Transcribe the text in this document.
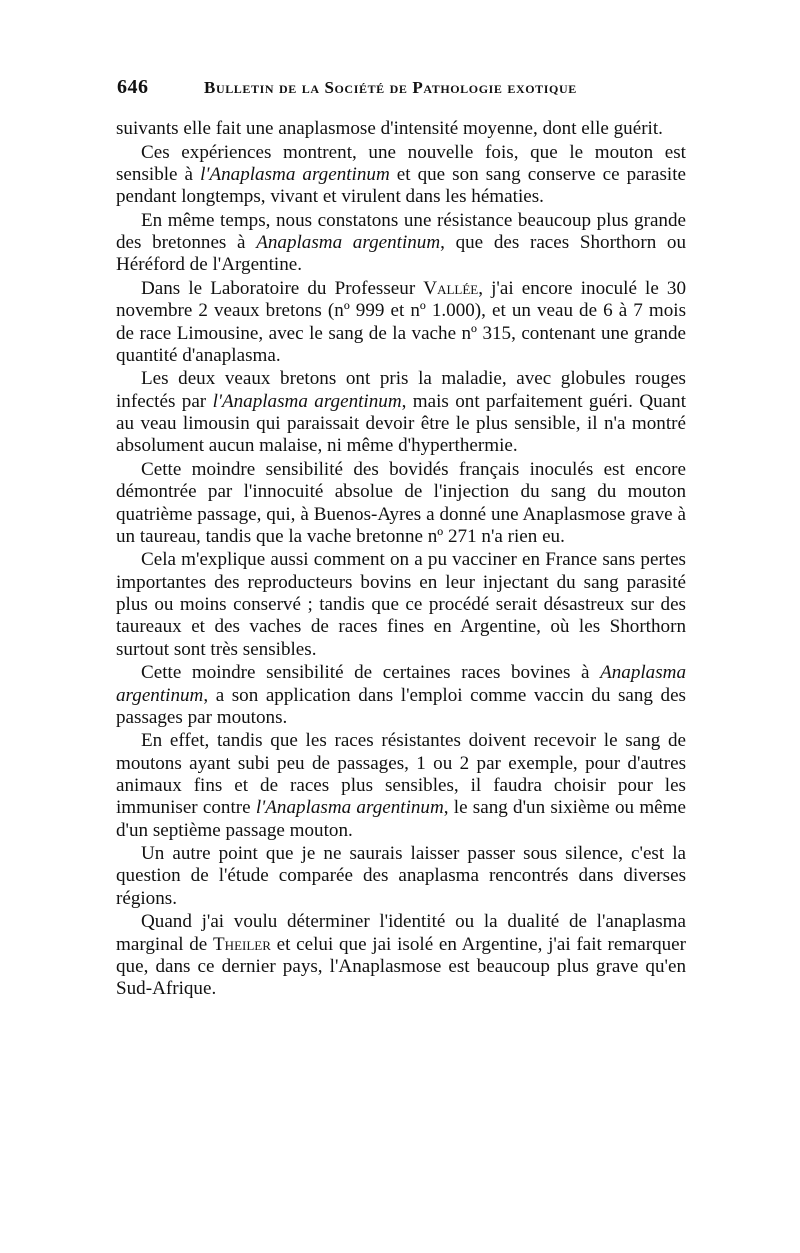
646	Bulletin de la Société de Pathologie exotique

suivants elle fait une anaplasmose d'intensité moyenne, dont elle guérit.

Ces expériences montrent, une nouvelle fois, que le mouton est sensible à l'Anaplasma argentinum et que son sang conserve ce parasite pendant longtemps, vivant et virulent dans les hématies.

En même temps, nous constatons une résistance beaucoup plus grande des bretonnes à Anaplasma argentinum, que des races Shorthorn ou Héréford de l'Argentine.

Dans le Laboratoire du Professeur Vallée, j'ai encore inoculé le 30 novembre 2 veaux bretons (nº 999 et nº 1.000), et un veau de 6 à 7 mois de race Limousine, avec le sang de la vache nº 315, contenant une grande quantité d'anaplasma.

Les deux veaux bretons ont pris la maladie, avec globules rouges infectés par l'Anaplasma argentinum, mais ont parfaitement guéri. Quant au veau limousin qui paraissait devoir être le plus sensible, il n'a montré absolument aucun malaise, ni même d'hyperthermie.

Cette moindre sensibilité des bovidés français inoculés est encore démontrée par l'innocuité absolue de l'injection du sang du mouton quatrième passage, qui, à Buenos-Ayres a donné une Anaplasmose grave à un taureau, tandis que la vache bretonne nº 271 n'a rien eu.

Cela m'explique aussi comment on a pu vacciner en France sans pertes importantes des reproducteurs bovins en leur injectant du sang parasité plus ou moins conservé ; tandis que ce procédé serait désastreux sur des taureaux et des vaches de races fines en Argentine, où les Shorthorn surtout sont très sensibles.

Cette moindre sensibilité de certaines races bovines à Anaplasma argentinum, a son application dans l'emploi comme vaccin du sang des passages par moutons.

En effet, tandis que les races résistantes doivent recevoir le sang de moutons ayant subi peu de passages, 1 ou 2 par exemple, pour d'autres animaux fins et de races plus sensibles, il faudra choisir pour les immuniser contre l'Anaplasma argentinum, le sang d'un sixième ou même d'un septième passage mouton.

Un autre point que je ne saurais laisser passer sous silence, c'est la question de l'étude comparée des anaplasma rencontrés dans diverses régions.

Quand j'ai voulu déterminer l'identité ou la dualité de l'anaplasma marginal de Theiler et celui que jai isolé en Argentine, j'ai fait remarquer que, dans ce dernier pays, l'Anaplasmose est beaucoup plus grave qu'en Sud-Afrique.
